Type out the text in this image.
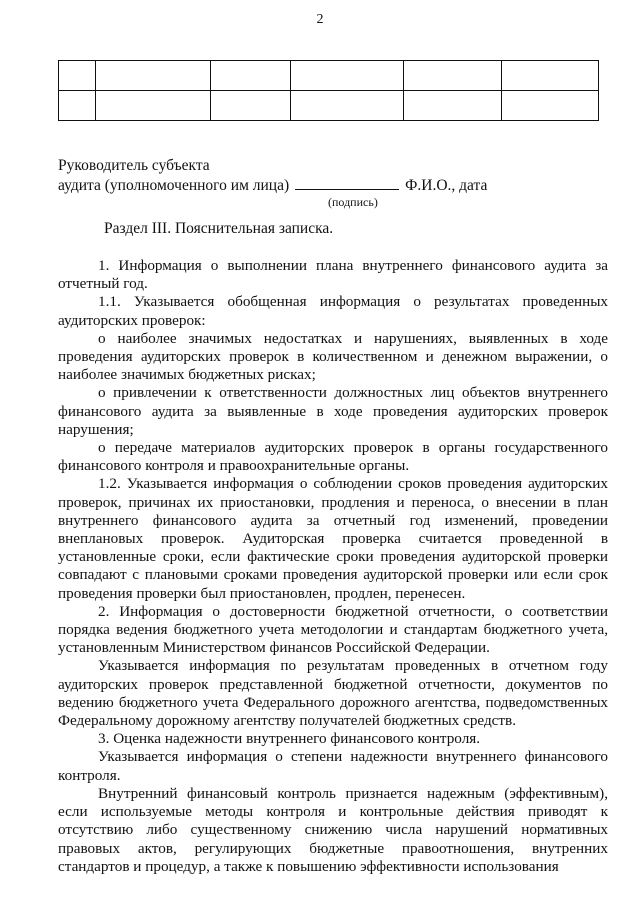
2

Руководитель субъекта
аудита (уполномоченного им лица)	Ф.И.О., дата
(подпись)
Раздел III. Пояснительная записка.

1. Информация о выполнении плана внутреннего финансового аудита за отчетный год.

1.1. Указывается обобщенная информация о результатах проведенных аудиторских проверок:

о наиболее значимых недостатках и нарушениях, выявленных в ходе проведения аудиторских проверок в количественном и денежном выражении, о наиболее значимых бюджетных рисках;

о привлечении к ответственности должностных лиц объектов внутреннего финансового аудита за выявленные в ходе проведения аудиторских проверок нарушения;

о передаче материалов аудиторских проверок в органы государственного финансового контроля и правоохранительные органы.

1.2. Указывается информация о соблюдении сроков проведения аудиторских проверок, причинах их приостановки, продления и переноса, о внесении в план внутреннего финансового аудита за отчетный год изменений, проведении внеплановых проверок. Аудиторская проверка считается проведенной в установленные сроки, если фактические сроки проведения аудиторской проверки совпадают с плановыми сроками проведения аудиторской проверки или если срок проведения проверки был приостановлен, продлен, перенесен.

2. Информация о достоверности бюджетной отчетности, о соответствии порядка ведения бюджетного учета методологии и стандартам бюджетного учета, установленным Министерством финансов Российской Федерации.

Указывается информация по результатам проведенных в отчетном году аудиторских проверок представленной бюджетной отчетности, документов по ведению бюджетного учета Федерального дорожного агентства, подведомственных Федеральному дорожному агентству получателей бюджетных средств.

3. Оценка надежности внутреннего финансового контроля.

Указывается информация о степени надежности внутреннего финансового контроля.

Внутренний финансовый контроль признается надежным (эффективным), если используемые методы контроля и контрольные действия приводят к отсутствию либо существенному снижению числа нарушений нормативных правовых актов, регулирующих бюджетные правоотношения, внутренних стандартов и процедур, а также к повышению эффективности использования
